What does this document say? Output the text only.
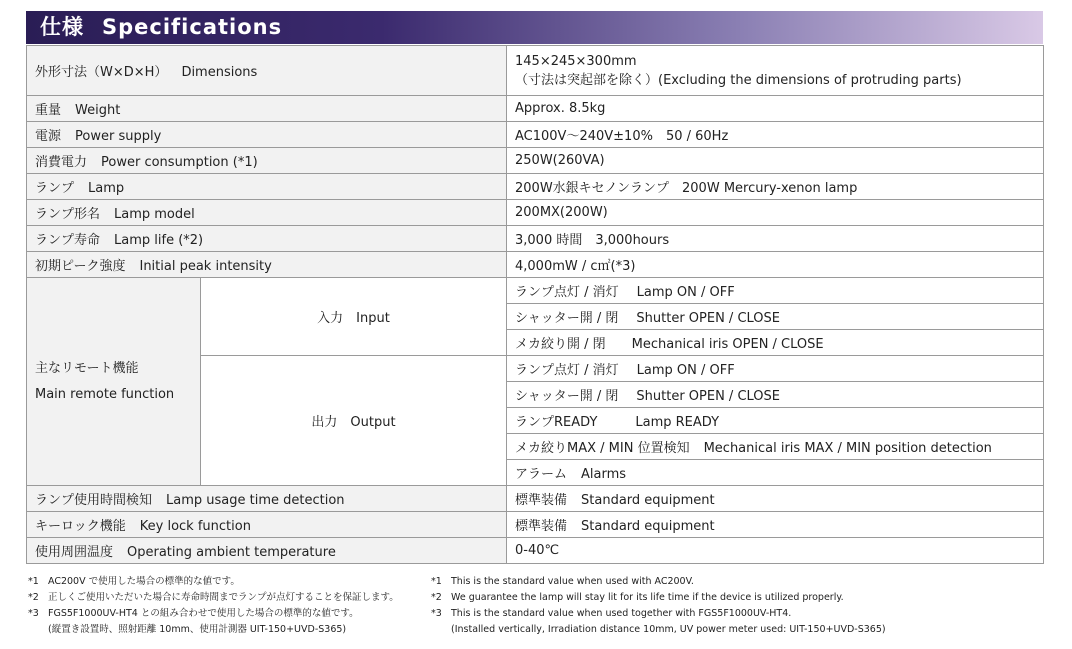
仕様 Specifications
外形寸法（W×D×H） Dimensions		145×245×300mm
（寸法は突起部を除く）(Excluding the dimensions of protruding parts)

重量 Weight		Approx. 8.5kg
電源 Power supply		AC100V～240V±10%　50 / 60Hz
消費電力 Power consumption (*1)		250W(260VA)
ランプ Lamp		200W水銀キセノンランプ　200W Mercury-xenon lamp
ランプ形名 Lamp model		200MX(200W)
ランプ寿命 Lamp life (*2)		3,000 時間　3,000hours
初期ピーク強度 Initial peak intensity		4,000mW / c㎡(*3)

主なリモート機能
Main remote function	入力　Input	ランプ点灯 / 消灯 Lamp ON / OFF
		シャッター開 / 閉 Shutter OPEN / CLOSE
		メカ絞り開 / 閉 Mechanical iris OPEN / CLOSE
	出力　Output	ランプ点灯 / 消灯 Lamp ON / OFF
		シャッター開 / 閉 Shutter OPEN / CLOSE
		ランプREADY Lamp READY
		メカ絞りMAX / MIN 位置検知 Mechanical iris MAX / MIN position detection
		アラーム Alarms
ランプ使用時間検知 Lamp usage time detection		標準装備 Standard equipment
キーロック機能 Key lock function		標準装備 Standard equipment
使用周囲温度 Operating ambient temperature		0-40℃
*1 AC200V で使用した場合の標準的な値です。
*2 正しくご使用いただいた場合に寿命時間までランプが点灯することを保証します。
*3 FGS5F1000UV-HT4 との組み合わせで使用した場合の標準的な値です。
(縦置き設置時、照射距離 10mm、使用計測器 UIT-150+UVD-S365)
*1 This is the standard value when used with AC200V.
*2 We guarantee the lamp will stay lit for its life time if the device is utilized properly.
*3 This is the standard value when used together with FGS5F1000UV-HT4.
(Installed vertically, Irradiation distance 10mm, UV power meter used: UIT-150+UVD-S365)
